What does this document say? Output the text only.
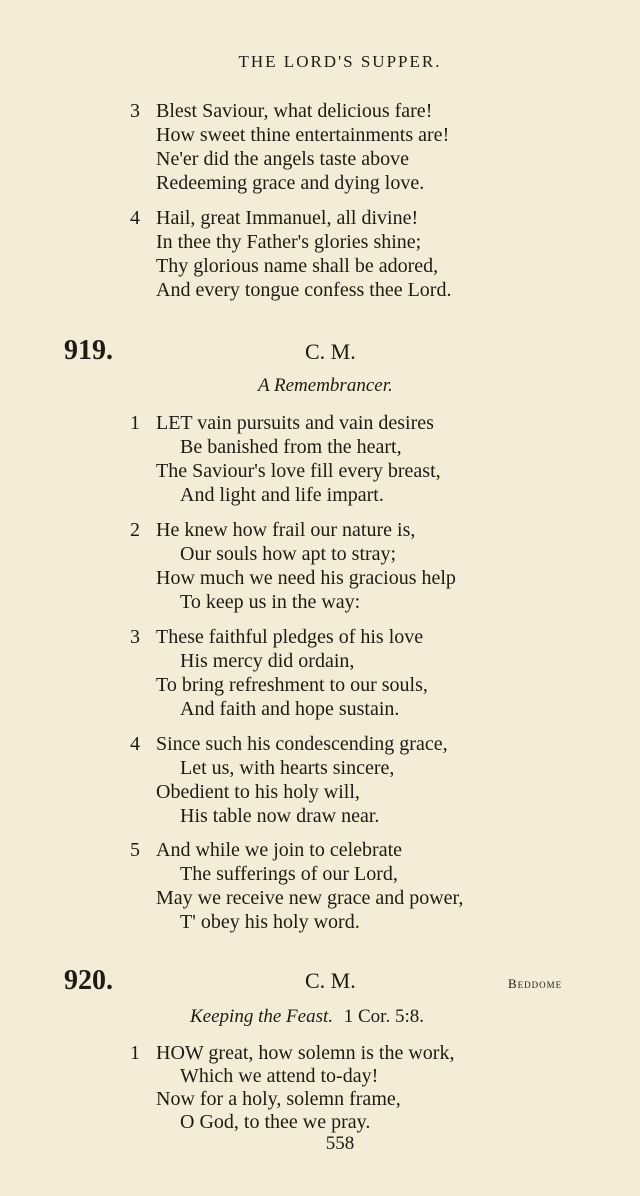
THE LORD'S SUPPER.
3 Blest Saviour, what delicious fare!
How sweet thine entertainments are!
Ne'er did the angels taste above
Redeeming grace and dying love.
4 Hail, great Immanuel, all divine!
In thee thy Father's glories shine;
Thy glorious name shall be adored,
And every tongue confess thee Lord.
919.	C. M.
A Remembrancer.
1 LET vain pursuits and vain desires
Be banished from the heart,
The Saviour's love fill every breast,
And light and life impart.
2 He knew how frail our nature is,
Our souls how apt to stray;
How much we need his gracious help
To keep us in the way:
3 These faithful pledges of his love
His mercy did ordain,
To bring refreshment to our souls,
And faith and hope sustain.
4 Since such his condescending grace,
Let us, with hearts sincere,
Obedient to his holy will,
His table now draw near.
5 And while we join to celebrate
The sufferings of our Lord,
May we receive new grace and power,
T' obey his holy word.
920.	C. M.	Beddome
Keeping the Feast. 1 Cor. 5:8.
1 HOW great, how solemn is the work,
Which we attend to-day!
Now for a holy, solemn frame,
O God, to thee we pray.
558
